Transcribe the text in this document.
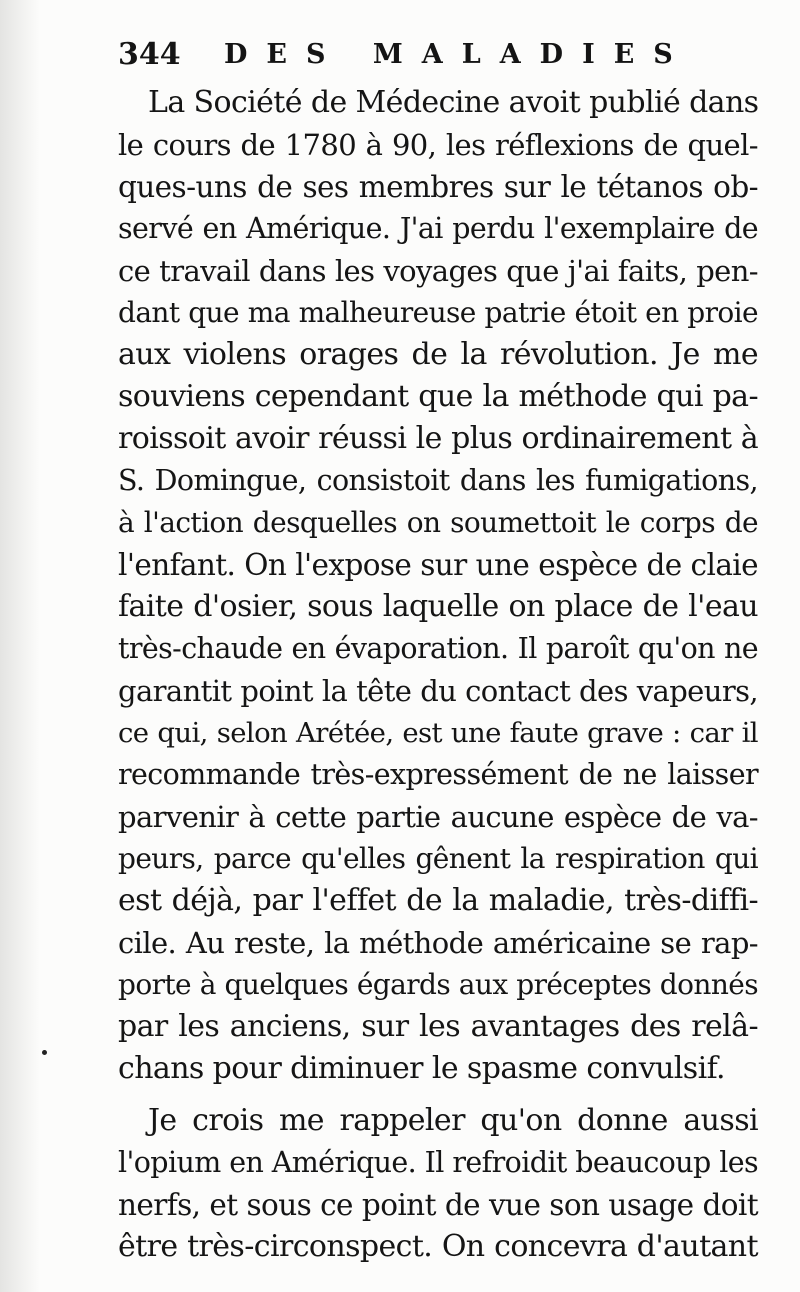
344 DES MALADIES
La Société de Médecine avoit publié dans
le cours de 1780 à 90, les réflexions de quel-
ques-uns de ses membres sur le tétanos ob-
servé en Amérique. J'ai perdu l'exemplaire de
ce travail dans les voyages que j'ai faits, pen-
dant que ma malheureuse patrie étoit en proie
aux violens orages de la révolution. Je me
souviens cependant que la méthode qui pa-
roissoit avoir réussi le plus ordinairement à
S. Domingue, consistoit dans les fumigations,
à l'action desquelles on soumettoit le corps de
l'enfant. On l'expose sur une espèce de claie
faite d'osier, sous laquelle on place de l'eau
très-chaude en évaporation. Il paroît qu'on ne
garantit point la tête du contact des vapeurs,
ce qui, selon Arétée, est une faute grave : car il
recommande très-expressément de ne laisser
parvenir à cette partie aucune espèce de va-
peurs, parce qu'elles gênent la respiration qui
est déjà, par l'effet de la maladie, très-diffi-
cile. Au reste, la méthode américaine se rap-
porte à quelques égards aux préceptes donnés
par les anciens, sur les avantages des relâ-
chans pour diminuer le spasme convulsif.
Je crois me rappeler qu'on donne aussi
l'opium en Amérique. Il refroidit beaucoup les
nerfs, et sous ce point de vue son usage doit
être très-circonspect. On concevra d'autant
